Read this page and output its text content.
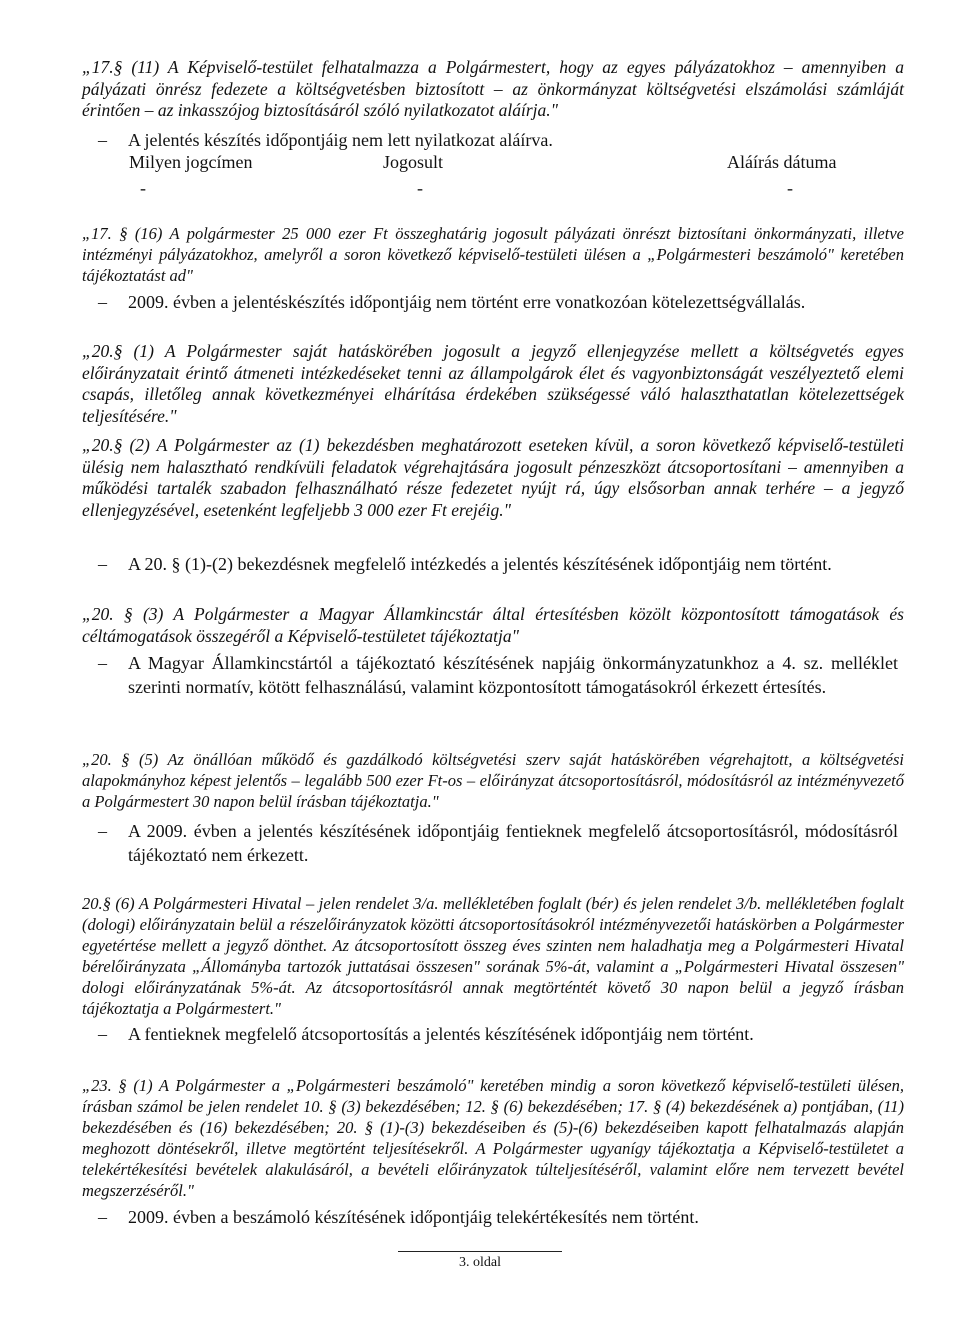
„17.§ (11) A Képviselő-testület felhatalmazza a Polgármestert, hogy az egyes pályázatokhoz – amennyiben a pályázati önrész fedezete a költségvetésben biztosított – az önkormányzat költségvetési elszámolási számláját érintően – az inkasszójog biztosításáról szóló nyilatkozatot aláírja."
– A jelentés készítés időpontjáig nem lett nyilatkozat aláírva.
Milyen jogcímen	Jogosult	Aláírás dátuma
-	-	-
„17. § (16) A polgármester 25 000 ezer Ft összeghatárig jogosult pályázati önrészt biztosítani önkormányzati, illetve intézményi pályázatokhoz, amelyről a soron következő képviselő-testületi ülésen a „Polgármesteri beszámoló" keretében tájékoztatást ad"
– 2009. évben a jelentéskészítés időpontjáig nem történt erre vonatkozóan kötelezettségvállalás.
„20.§ (1) A Polgármester saját hatáskörében jogosult a jegyző ellenjegyzése mellett a költségvetés egyes előirányzatait érintő átmeneti intézkedéseket tenni az állampolgárok élet és vagyonbiztonságát veszélyeztető elemi csapás, illetőleg annak következményei elhárítása érdekében szükségessé váló halaszthatatlan kötelezettségek teljesítésére."
„20.§ (2) A Polgármester az (1) bekezdésben meghatározott eseteken kívül, a soron következő képviselő-testületi ülésig nem halasztható rendkívüli feladatok végrehajtására jogosult pénzeszközt átcsoportosítani – amennyiben a működési tartalék szabadon felhasználható része fedezetet nyújt rá, úgy elsősorban annak terhére – a jegyző ellenjegyzésével, esetenként legfeljebb 3 000 ezer Ft erejéig."
– A 20. § (1)-(2) bekezdésnek megfelelő intézkedés a jelentés készítésének időpontjáig nem történt.
„20. § (3) A Polgármester a Magyar Államkincstár által értesítésben közölt központosított támogatások és céltámogatások összegéről a Képviselő-testületet tájékoztatja"
– A Magyar Államkincstártól a tájékoztató készítésének napjáig önkormányzatunkhoz a 4. sz. melléklet szerinti normatív, kötött felhasználású, valamint központosított támogatásokról érkezett értesítés.
„20. § (5) Az önállóan működő és gazdálkodó költségvetési szerv saját hatáskörében végrehajtott, a költségvetési alapokmányhoz képest jelentős – legalább 500 ezer Ft-os – előirányzat átcsoportosításról, módosításról az intézményvezető a Polgármestert 30 napon belül írásban tájékoztatja."
– A 2009. évben a jelentés készítésének időpontjáig fentieknek megfelelő átcsoportosításról, módosításról tájékoztató nem érkezett.
20.§ (6) A Polgármesteri Hivatal – jelen rendelet 3/a. mellékletében foglalt (bér) és jelen rendelet 3/b. mellékletében foglalt (dologi) előirányzatain belül a részelőirányzatok közötti átcsoportosításokról intézményvezetői hatáskörben a Polgármester egyetértése mellett a jegyző dönthet. Az átcsoportosított összeg éves szinten nem haladhatja meg a Polgármesteri Hivatal bérelőirányzata „Állományba tartozók juttatásai összesen" sorának 5%-át, valamint a „Polgármesteri Hivatal összesen" dologi előirányzatának 5%-át. Az átcsoportosításról annak megtörténtét követő 30 napon belül a jegyző írásban tájékoztatja a Polgármestert."
– A fentieknek megfelelő átcsoportosítás a jelentés készítésének időpontjáig nem történt.
„23. § (1) A Polgármester a „Polgármesteri beszámoló" keretében mindig a soron következő képviselő-testületi ülésen, írásban számol be jelen rendelet 10. § (3) bekezdésében; 12. § (6) bekezdésében; 17. § (4) bekezdésének a) pontjában, (11) bekezdésében és (16) bekezdésében; 20. § (1)-(3) bekezdéseiben és (5)-(6) bekezdéseiben kapott felhatalmazás alapján meghozott döntésekről, illetve megtörtént teljesítésekről. A Polgármester ugyanígy tájékoztatja a Képviselő-testületet a telekértékesítési bevételek alakulásáról, a bevételi előirányzatok túlteljesítéséről, valamint előre nem tervezett bevétel megszerzéséről."
– 2009. évben a beszámoló készítésének időpontjáig telekértékesítés nem történt.
3. oldal
